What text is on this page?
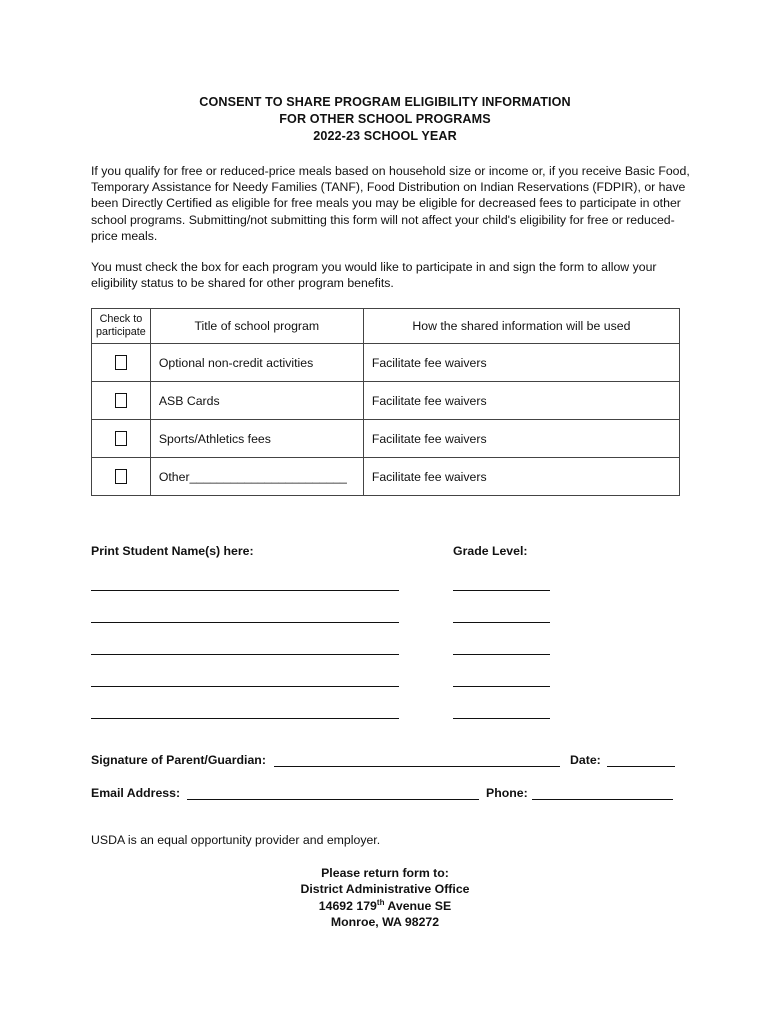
CONSENT TO SHARE PROGRAM ELIGIBILITY INFORMATION
FOR OTHER SCHOOL PROGRAMS
2022-23 SCHOOL YEAR
If you qualify for free or reduced-price meals based on household size or income or, if you receive Basic Food, Temporary Assistance for Needy Families (TANF), Food Distribution on Indian Reservations (FDPIR), or have been Directly Certified as eligible for free meals you may be eligible for decreased fees to participate in other school programs. Submitting/not submitting this form will not affect your child's eligibility for free or reduced-price meals.
You must check the box for each program you would like to participate in and sign the form to allow your eligibility status to be shared for other program benefits.
Check to participate	Title of school program	How the shared information will be used
	Optional non-credit activities	Facilitate fee waivers
	ASB Cards	Facilitate fee waivers
	Sports/Athletics fees	Facilitate fee waivers
	Other_______________________	Facilitate fee waivers
Print Student Name(s) here:	Grade Level:
Signature of Parent/Guardian:	Date:
Email Address:	Phone:
USDA is an equal opportunity provider and employer.
Please return form to:
District Administrative Office
14692 179th Avenue SE
Monroe, WA 98272
